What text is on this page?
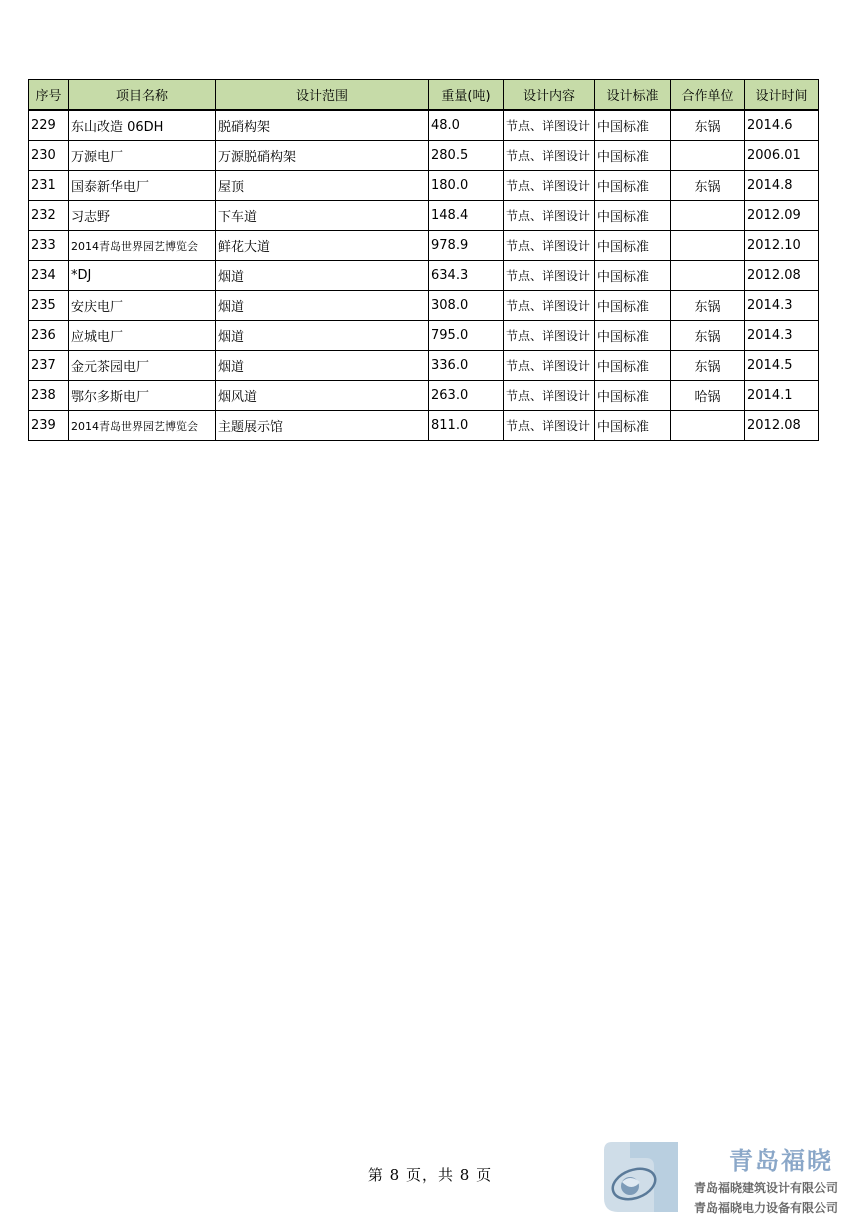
序号	项目名称	设计范围	重量(吨)	设计内容	设计标准	合作单位	设计时间
229	东山改造 06DH	脱硝构架	48.0	节点、详图设计	中国标准	东锅	2014.6
230	万源电厂	万源脱硝构架	280.5	节点、详图设计	中国标准		2006.01
231	国泰新华电厂	屋顶	180.0	节点、详图设计	中国标准	东锅	2014.8
232	习志野	下车道	148.4	节点、详图设计	中国标准		2012.09
233	2014青岛世界园艺博览会	鲜花大道	978.9	节点、详图设计	中国标准		2012.10
234	*DJ	烟道	634.3	节点、详图设计	中国标准		2012.08
235	安庆电厂	烟道	308.0	节点、详图设计	中国标准	东锅	2014.3
236	应城电厂	烟道	795.0	节点、详图设计	中国标准	东锅	2014.3
237	金元茶园电厂	烟道	336.0	节点、详图设计	中国标准	东锅	2014.5
238	鄂尔多斯电厂	烟风道	263.0	节点、详图设计	中国标准	哈锅	2014.1
239	2014青岛世界园艺博览会	主题展示馆	811.0	节点、详图设计	中国标准		2012.08
第 8 页，共 8 页	青岛福晓
青岛福晓建筑设计有限公司
青岛福晓电力设备有限公司
